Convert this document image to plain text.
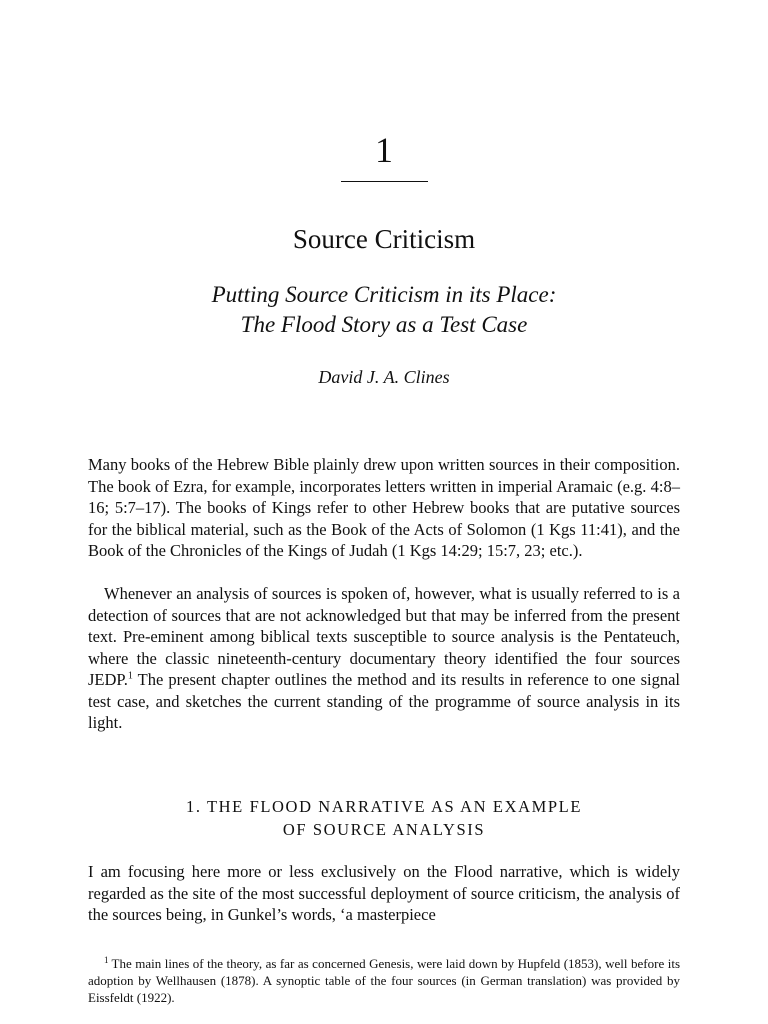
1
Source Criticism
Putting Source Criticism in its Place:
The Flood Story as a Test Case
David J. A. Clines

Many books of the Hebrew Bible plainly drew upon written sources in their composition. The book of Ezra, for example, incorporates letters written in imperial Aramaic (e.g. 4:8–16; 5:7–17). The books of Kings refer to other Hebrew books that are putative sources for the biblical material, such as the Book of the Acts of Solomon (1 Kgs 11:41), and the Book of the Chronicles of the Kings of Judah (1 Kgs 14:29; 15:7, 23; etc.).

Whenever an analysis of sources is spoken of, however, what is usually referred to is a detection of sources that are not acknowledged but that may be inferred from the present text. Pre-eminent among biblical texts susceptible to source analysis is the Pentateuch, where the classic nineteenth-century documentary theory identified the four sources JEDP.$^1$ The present chapter outlines the method and its results in reference to one signal test case, and sketches the current standing of the programme of source analysis in its light.

1. THE FLOOD NARRATIVE AS AN EXAMPLE
OF SOURCE ANALYSIS

I am focusing here more or less exclusively on the Flood narrative, which is widely regarded as the site of the most successful deployment of source criticism, the analysis of the sources being, in Gunkel’s words, ‘a masterpiece

$^1$ The main lines of the theory, as far as concerned Genesis, were laid down by Hupfeld (1853), well before its adoption by Wellhausen (1878). A synoptic table of the four sources (in German translation) was provided by Eissfeldt (1922).
